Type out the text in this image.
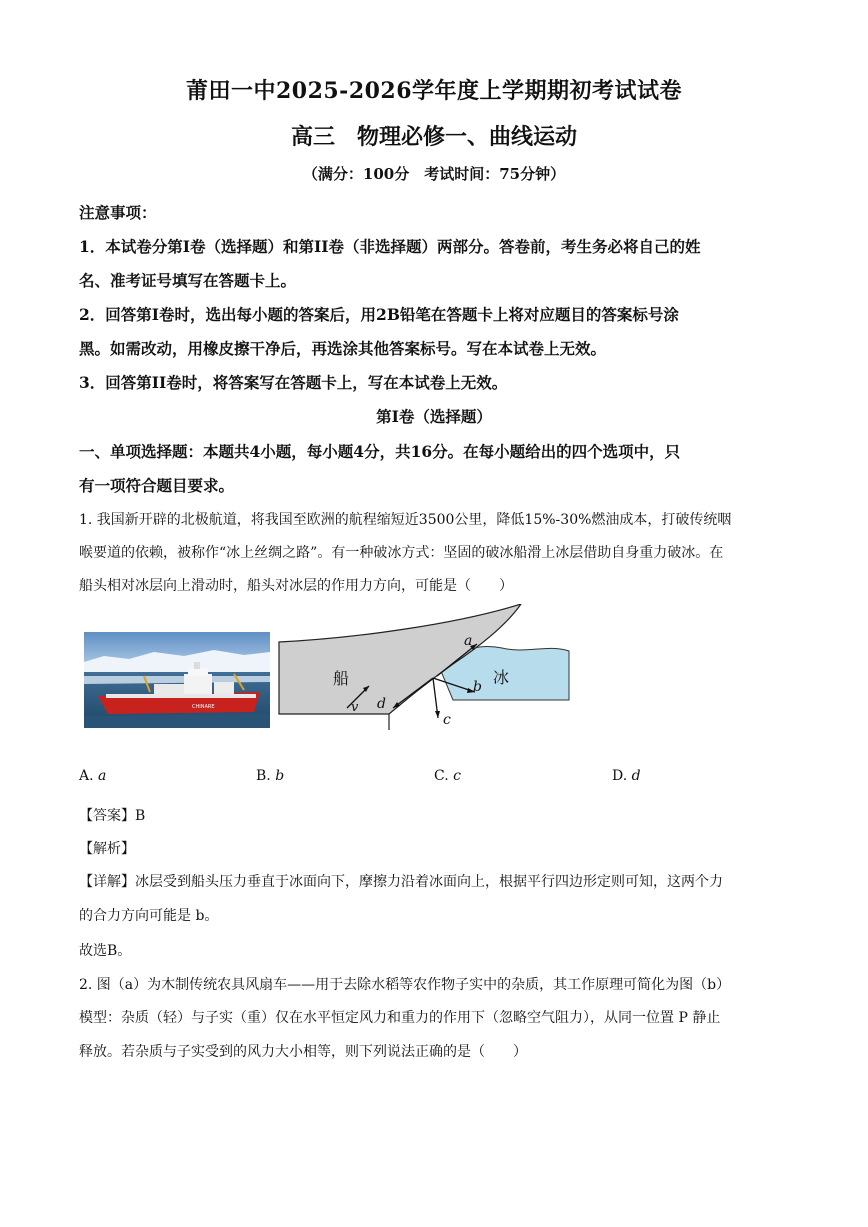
莆田一中2025-2026学年度上学期期初考试试卷
高三　物理必修一、曲线运动
（满分：100分　考试时间：75分钟）
注意事项：
1．本试卷分第I卷（选择题）和第II卷（非选择题）两部分。答卷前，考生务必将自己的姓
名、准考证号填写在答题卡上。
2．回答第I卷时，选出每小题的答案后，用2B铅笔在答题卡上将对应题目的答案标号涂
黑。如需改动，用橡皮擦干净后，再选涂其他答案标号。写在本试卷上无效。
3．回答第II卷时，将答案写在答题卡上，写在本试卷上无效。
第I卷（选择题）
一、单项选择题：本题共4小题，每小题4分，共16分。在每小题给出的四个选项中，只
有一项符合题目要求。
1. 我国新开辟的北极航道，将我国至欧洲的航程缩短近3500公里，降低15%-30%燃油成本，打破传统咽
喉要道的依赖，被称作“冰上丝绸之路”。有一种破冰方式：坚固的破冰船滑上冰层借助自身重力破冰。在
船头相对冰层向上滑动时，船头对冰层的作用力方向，可能是（　　）
CHINARE
船	冰
v
a
b
c
d
A. a	B. b	C. c	D. d
【答案】B
【解析】
【详解】冰层受到船头压力垂直于冰面向下，摩擦力沿着冰面向上，根据平行四边形定则可知，这两个力
的合力方向可能是 b。
故选B。
2. 图（a）为木制传统农具风扇车——用于去除水稻等农作物子实中的杂质，其工作原理可简化为图（b）
模型：杂质（轻）与子实（重）仅在水平恒定风力和重力的作用下（忽略空气阻力），从同一位置 P 静止
释放。若杂质与子实受到的风力大小相等，则下列说法正确的是（　　）
